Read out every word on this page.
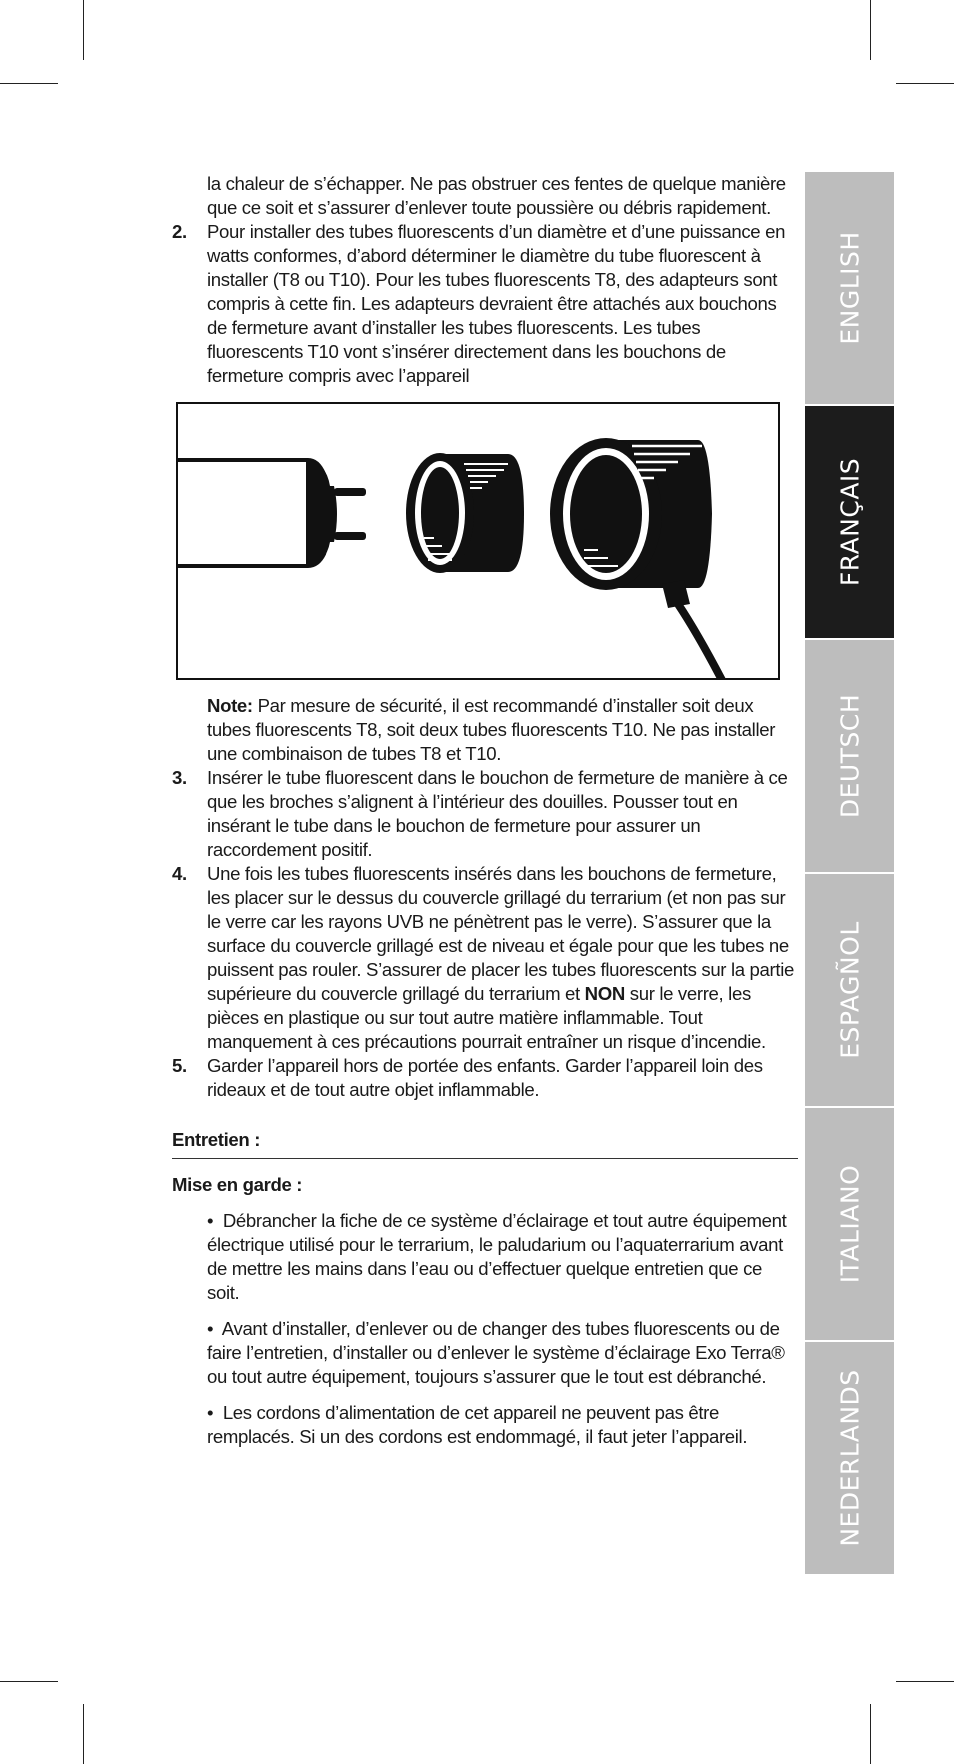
la chaleur de s’échapper. Ne pas obstruer ces fentes de quelque manière que ce soit et s’assurer d’enlever toute poussière ou débris rapidement.

2. Pour installer des tubes fluorescents d’un diamètre et d’une puissance en watts conformes, d’abord déterminer le diamètre du tube fluorescent à installer (T8 ou T10). Pour les tubes fluorescents T8, des adapteurs sont compris à cette fin. Les adapteurs devraient être attachés aux bouchons de fermeture avant d’installer les tubes fluorescents. Les tubes fluorescents T10 vont s’insérer directement dans les bouchons de fermeture compris avec l’appareil

Note: Par mesure de sécurité, il est recommandé d’installer soit deux tubes fluorescents T8, soit deux tubes fluorescents T10. Ne pas installer une combinaison de tubes T8 et T10.

3. Insérer le tube fluorescent dans le bouchon de fermeture de manière à ce que les broches s’alignent à l’intérieur des douilles. Pousser tout en insérant le tube dans le bouchon de fermeture pour assurer un raccordement positif.
4. Une fois les tubes fluorescents insérés dans les bouchons de fermeture, les placer sur le dessus du couvercle grillagé du terrarium (et non pas sur le verre car les rayons UVB ne pénètrent pas le verre). S’assurer que la surface du couvercle grillagé est de niveau et égale pour que les tubes ne puissent pas rouler. S’assurer de placer les tubes fluorescents sur la partie supérieure du couvercle grillagé du terrarium et NON sur le verre, les pièces en plastique ou sur tout autre matière inflammable. Tout manquement à ces précautions pourrait entraîner un risque d’incendie.
5. Garder l’appareil hors de portée des enfants. Garder l’appareil loin des rideaux et de tout autre objet inflammable.
Entretien :
Mise en garde :
• Débrancher la fiche de ce système d’éclairage et tout autre équipement électrique utilisé pour le terrarium, le paludarium ou l’aquaterrarium avant de mettre les mains dans l’eau ou d’effectuer quelque entretien que ce soit.
• Avant d’installer, d’enlever ou de changer des tubes fluorescents ou de faire l’entretien, d’installer ou d’enlever le système d’éclairage Exo Terra® ou tout autre équipement, toujours s’assurer que le tout est débranché.
• Les cordons d’alimentation de cet appareil ne peuvent pas être remplacés. Si un des cordons est endommagé, il faut jeter l’appareil.
ENGLISH
FRANÇAIS
DEUTSCH
ESPAGÑOL
ITALIANO
NEDERLANDS
